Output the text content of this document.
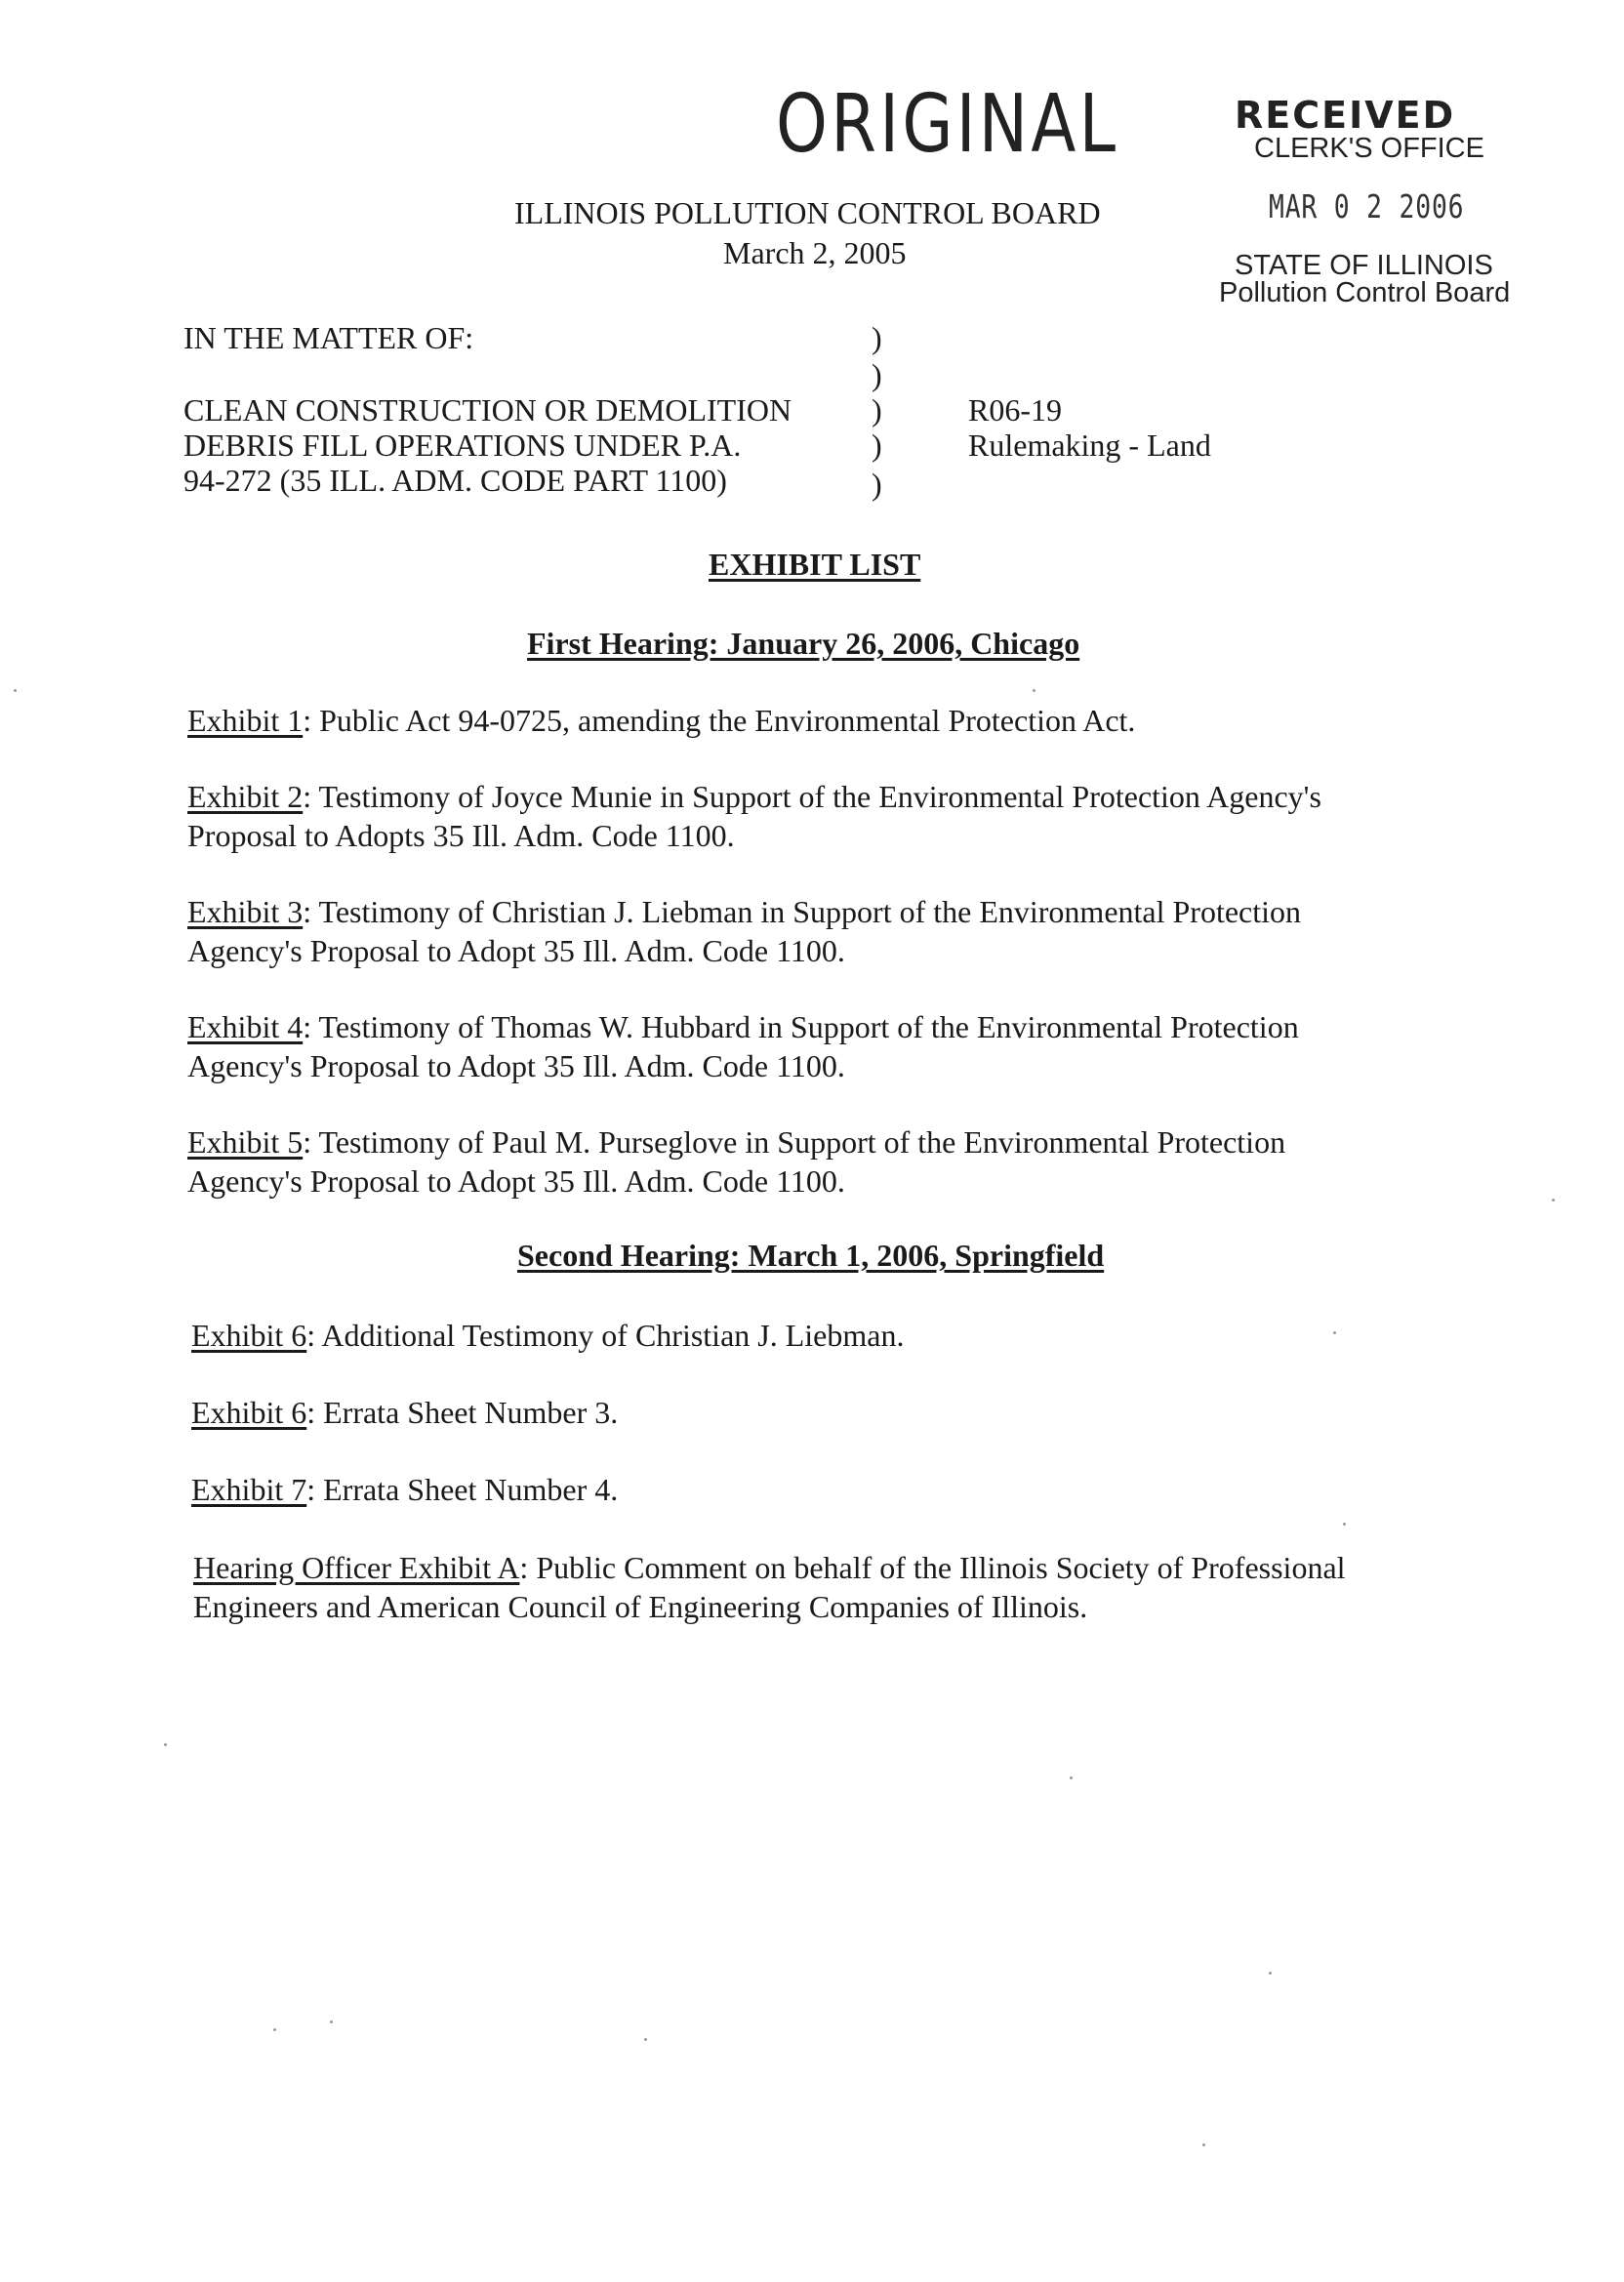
ORIGINAL	RECEIVED
CLERK'S OFFICE
MAR 0 2 2006
STATE OF ILLINOIS
Pollution Control Board
ILLINOIS POLLUTION CONTROL BOARD
March 2, 2005
IN THE MATTER OF:
CLEAN CONSTRUCTION OR DEMOLITION
DEBRIS FILL OPERATIONS UNDER P.A.
94-272 (35 ILL. ADM. CODE PART 1100)
)
)
)
)
)
R06-19
Rulemaking - Land
EXHIBIT LIST
First Hearing: January 26, 2006, Chicago
Exhibit 1: Public Act 94-0725, amending the Environmental Protection Act.
Exhibit 2: Testimony of Joyce Munie in Support of the Environmental Protection Agency's
Proposal to Adopts 35 Ill. Adm. Code 1100.
Exhibit 3: Testimony of Christian J. Liebman in Support of the Environmental Protection
Agency's Proposal to Adopt 35 Ill. Adm. Code 1100.
Exhibit 4: Testimony of Thomas W. Hubbard in Support of the Environmental Protection
Agency's Proposal to Adopt 35 Ill. Adm. Code 1100.
Exhibit 5: Testimony of Paul M. Purseglove in Support of the Environmental Protection
Agency's Proposal to Adopt 35 Ill. Adm. Code 1100.
Second Hearing: March 1, 2006, Springfield
Exhibit 6: Additional Testimony of Christian J. Liebman.
Exhibit 6: Errata Sheet Number 3.
Exhibit 7: Errata Sheet Number 4.
Hearing Officer Exhibit A: Public Comment on behalf of the Illinois Society of Professional
Engineers and American Council of Engineering Companies of Illinois.
